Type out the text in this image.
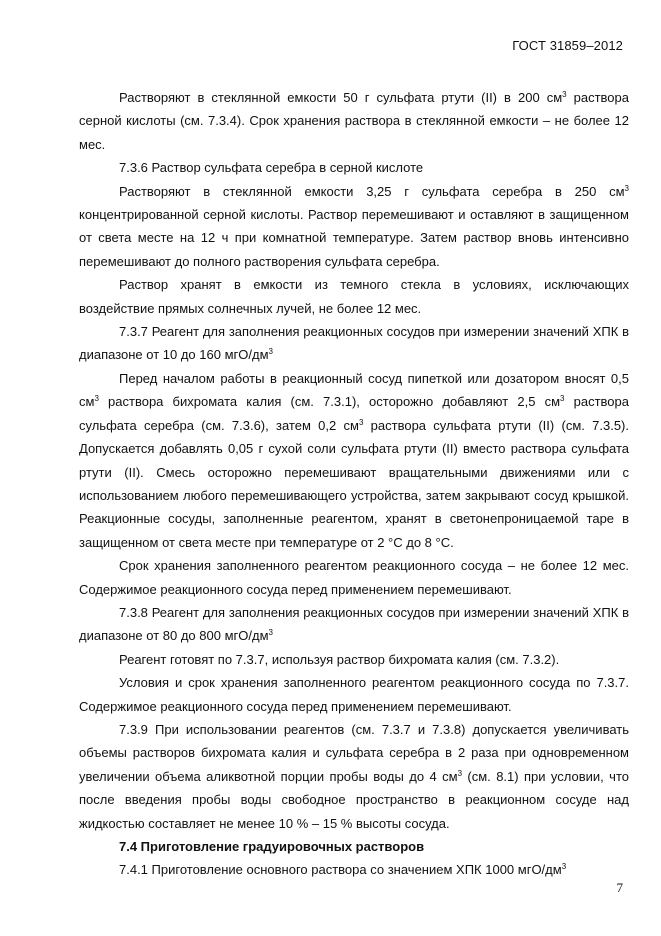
ГОСТ 31859–2012

Растворяют в стеклянной емкости 50 г сульфата ртути (II) в 200 $см^3$ раствора серной кислоты (см. 7.3.4). Срок хранения раствора в стеклянной емкости – не более 12 мес.

7.3.6 Раствор сульфата серебра в серной кислоте

Растворяют в стеклянной емкости 3,25 г сульфата серебра в 250 $см^3$ концентрированной серной кислоты. Раствор перемешивают и оставляют в защищенном от света месте на 12 ч при комнатной температуре. Затем раствор вновь интенсивно перемешивают до полного растворения сульфата серебра.

Раствор хранят в емкости из темного стекла в условиях, исключающих воздействие прямых солнечных лучей, не более 12 мес.

7.3.7 Реагент для заполнения реакционных сосудов при измерении значений ХПК в диапазоне от 10 до 160 мгО/$дм^3$

Перед началом работы в реакционный сосуд пипеткой или дозатором вносят 0,5 $см^3$ раствора бихромата калия (см. 7.3.1), осторожно добавляют 2,5 $см^3$ раствора сульфата серебра (см. 7.3.6), затем 0,2 $см^3$ раствора сульфата ртути (II) (см. 7.3.5). Допускается добавлять 0,05 г сухой соли сульфата ртути (II) вместо раствора сульфата ртути (II). Смесь осторожно перемешивают вращательными движениями или с использованием любого перемешивающего устройства, затем закрывают сосуд крышкой. Реакционные сосуды, заполненные реагентом, хранят в светонепроницаемой таре в защищенном от света месте при температуре от 2 °С до 8 °С.

Срок хранения заполненного реагентом реакционного сосуда – не более 12 мес. Содержимое реакционного сосуда перед применением перемешивают.

7.3.8 Реагент для заполнения реакционных сосудов при измерении значений ХПК в диапазоне от 80 до 800 мгО/$дм^3$

Реагент готовят по 7.3.7, используя раствор бихромата калия (см. 7.3.2).

Условия и срок хранения заполненного реагентом реакционного сосуда по 7.3.7. Содержимое реакционного сосуда перед применением перемешивают.

7.3.9 При использовании реагентов (см. 7.3.7 и 7.3.8) допускается увеличивать объемы растворов бихромата калия и сульфата серебра в 2 раза при одновременном увеличении объема аликвотной порции пробы воды до 4 $см^3$ (см. 8.1) при условии, что после введения пробы воды свободное пространство в реакционном сосуде над жидкостью составляет не менее 10 % – 15 % высоты сосуда.

7.4 Приготовление градуировочных растворов

7.4.1 Приготовление основного раствора со значением ХПК 1000 мгО/$дм^3$

7
